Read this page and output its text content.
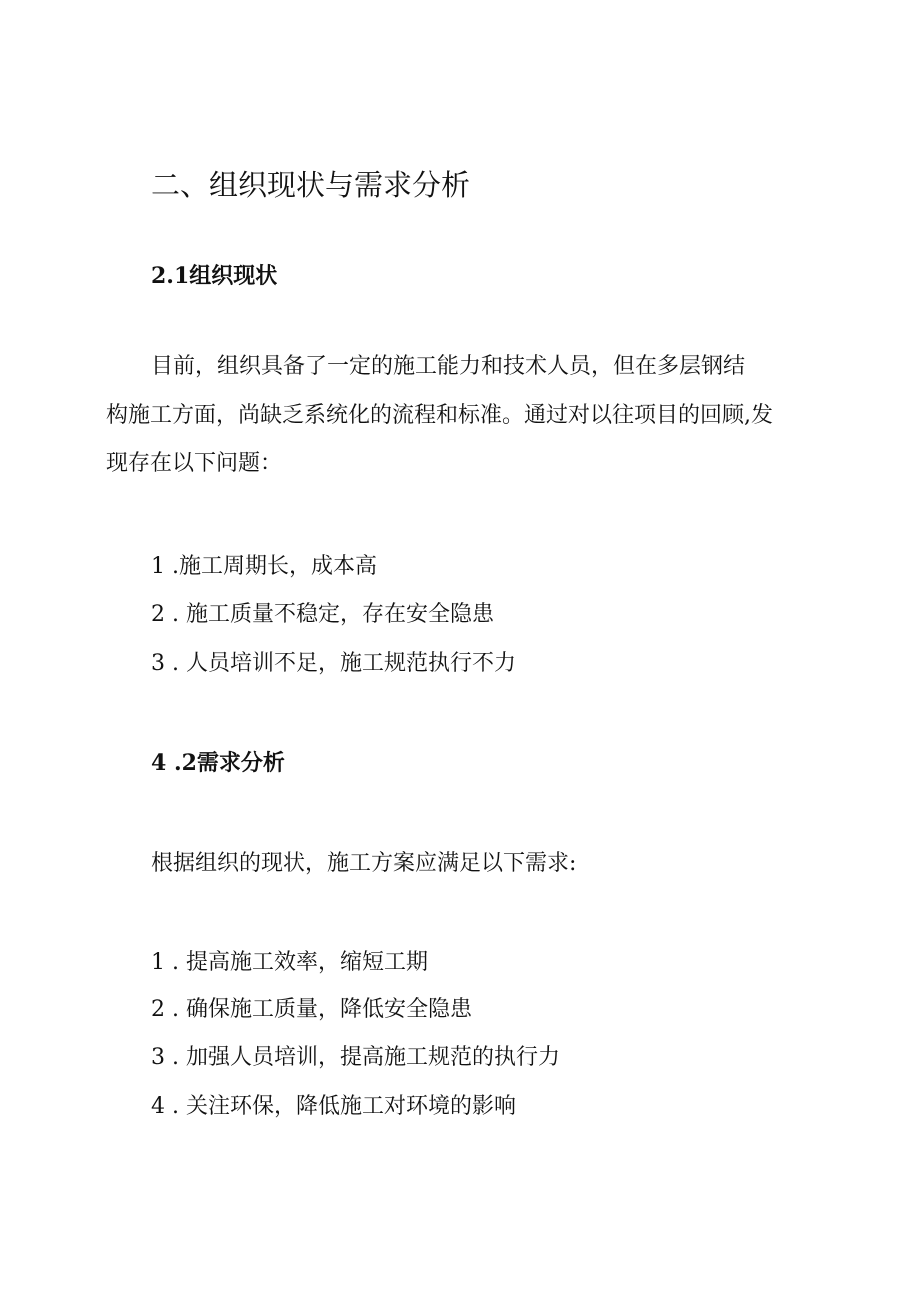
二、组织现状与需求分析
2.1组织现状

目前，组织具备了一定的施工能力和技术人员，但在多层钢结

构施工方面，尚缺乏系统化的流程和标准。通过对以往项目的回顾,发

现存在以下问题：

1 .施工周期长，成本高

2 . 施工质量不稳定，存在安全隐患

3 . 人员培训不足，施工规范执行不力

4 .2需求分析

根据组织的现状，施工方案应满足以下需求:

1 . 提高施工效率，缩短工期

2 . 确保施工质量，降低安全隐患

3 . 加强人员培训，提高施工规范的执行力

4 . 关注环保，降低施工对环境的影响
